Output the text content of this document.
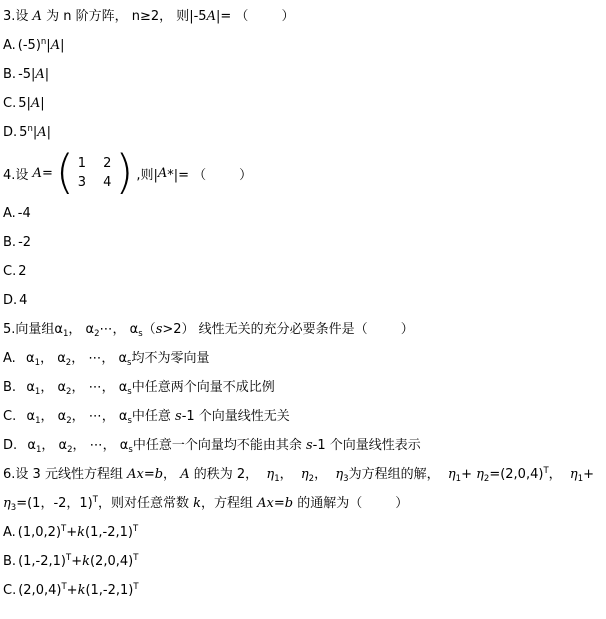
3.设 A 为 n 阶方阵， n≥2， 则|-5A|= （        ）
A. $(-5)^n|A|$
B. -5|A|
C. 5|A|
D. 5$^n$|A|
4.设 A = ( 1 2
3 4 ) ,则| A *|= （        ）
A. -4
B. -2
C. 2
D. 4
5.向量组$\alpha_1$， $\alpha_2\cdots$， $\alpha_s(s>2)$ 线性无关的充分必要条件是（        ）
A.  $\alpha_1$， $\alpha_2$， ⋯， $\alpha_s$均不为零向量
B.  $\alpha_1$， $\alpha_2$， ⋯， $\alpha_s$中任意两个向量不成比例
C.  $\alpha_1$， $\alpha_2$， ⋯， $\alpha_s$中任意 s-1 个向量线性无关
D.  $\alpha_1$， $\alpha_2$， ⋯， $\alpha_s$中任意一个向量均不能由其余 s-1 个向量线性表示
6.设 3 元线性方程组 Ax=b， A 的秩为 2，  $\eta_1$，  $\eta_2$，  $\eta_3$为方程组的解，  $\eta_1+ \eta_2=(2,0,4)^T$，  $\eta_1+ \eta_3=(1$，-2，1)$^T$，则对任意常数 k，方程组 Ax=b 的通解为（        ）
A. $(1,0,2)^T+k(1,-2,1)^T$
B. $(1,-2,1)^T+k(2,0,4)^T$
C. $(2,0,4)^T+k(1,-2,1)^T$
